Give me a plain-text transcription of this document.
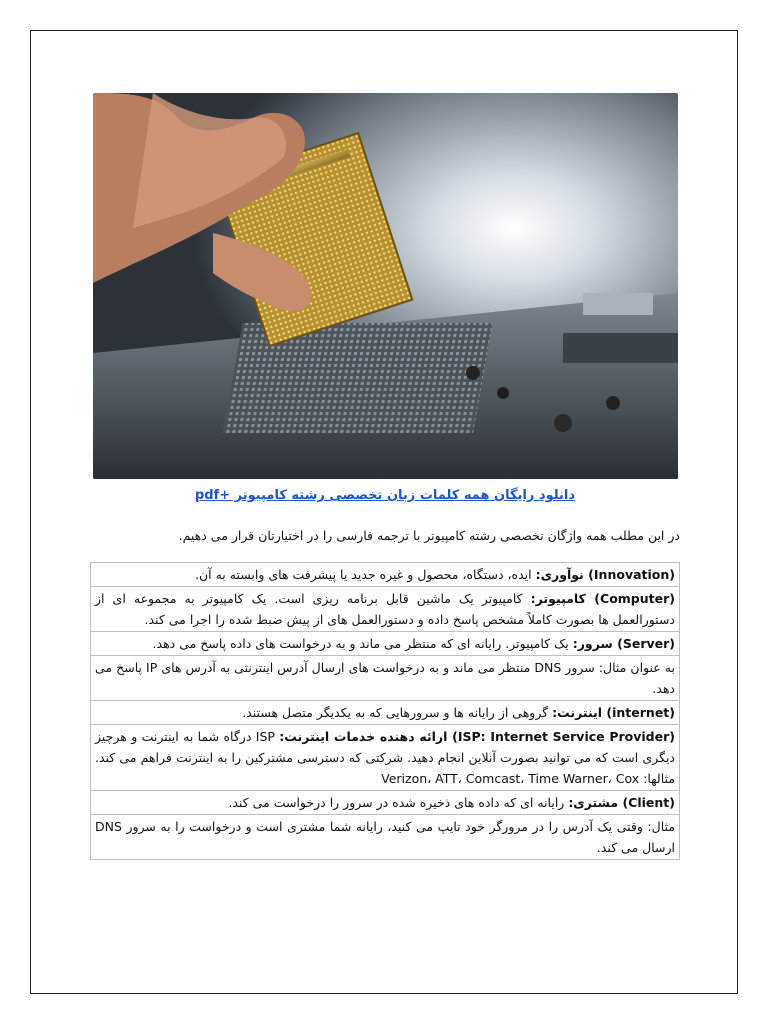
دانلود رایگان همه کلمات زبان تخصصی رشته کامپیوتر +pdf
در این مطلب همه واژگان تخصصی رشته کامپیوتر با ترجمه فارسی را در اختیارتان قرار می دهیم.
(Innovation) نوآوری: ایده، دستگاه، محصول و غیره جدید یا پیشرفت های وابسته به آن.
(Computer) کامپیوتر: کامپیوتر یک ماشین قابل برنامه ریزی است. یک کامپیوتر به مجموعه ای از دستورالعمل ها بصورت کاملاً مشخص پاسخ داده و دستورالعمل های از پیش ضبط شده را اجرا می کند.
(Server) سرور: یک کامپیوتر. رایانه ای که منتظر می ماند و به درخواست های داده پاسخ می دهد.
به عنوان مثال: سرور DNS منتظر می ماند و به درخواست های ارسال آدرس اینترنتی به آدرس های IP پاسخ می دهد.
(internet) اینترنت: گروهی از رایانه ها و سرورهایی که به یکدیگر متصل هستند.
(ISP: Internet Service Provider) ارائه دهنده خدمات اینترنت: ISP درگاه شما به اینترنت و هرچیز دیگری است که می توانید بصورت آنلاین انجام دهید. شرکتی که دسترسی مشترکین را به اینترنت فراهم می کند. مثالها: Verizon، ATT، Comcast، Time Warner، Cox
(Client) مشتری: رایانه ای که داده های ذخیره شده در سرور را درخواست می کند.
مثال: وقتی یک آدرس را در مرورگر خود تایپ می کنید، رایانه شما مشتری است و درخواست را به سرور DNS ارسال می کند.
